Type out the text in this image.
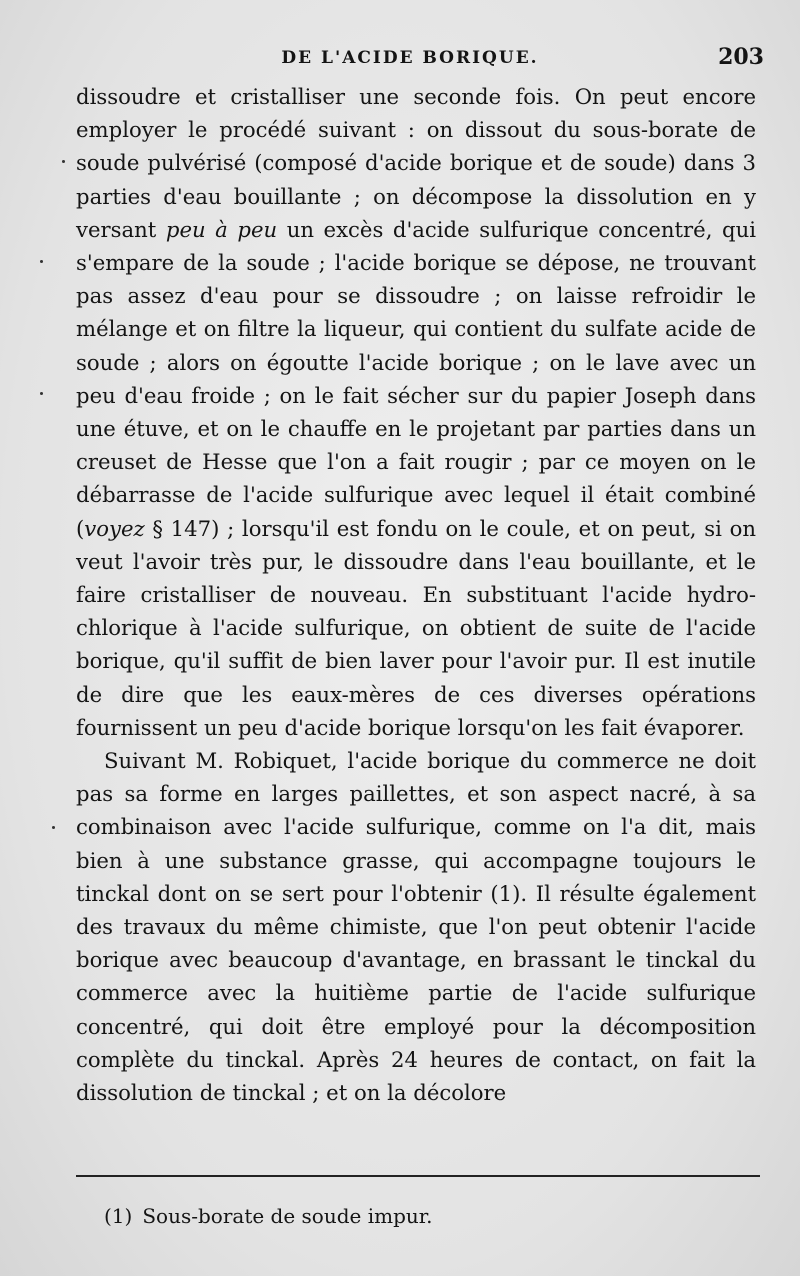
DE L'ACIDE BORIQUE.	203

dissoudre et cristalliser une seconde fois. On peut encore employer le procédé suivant : on dissout du sous-borate de soude pulvérisé (composé d'acide borique et de soude) dans 3 parties d'eau bouillante ; on décompose la dissolution en y versant peu à peu un excès d'acide sulfurique concentré, qui s'empare de la soude ; l'acide borique se dépose, ne trouvant pas assez d'eau pour se dissoudre ; on laisse refroidir le mélange et on filtre la liqueur, qui contient du sulfate acide de soude ; alors on égoutte l'acide borique ; on le lave avec un peu d'eau froide ; on le fait sécher sur du papier Joseph dans une étuve, et on le chauffe en le projetant par parties dans un creuset de Hesse que l'on a fait rougir ; par ce moyen on le débarrasse de l'acide sulfurique avec lequel il était combiné (voyez § 147) ; lorsqu'il est fondu on le coule, et on peut, si on veut l'avoir très pur, le dissoudre dans l'eau bouillante, et le faire cristalliser de nouveau. En substituant l'acide hydro-chlorique à l'acide sulfurique, on obtient de suite de l'acide borique, qu'il suffit de bien laver pour l'avoir pur. Il est inutile de dire que les eaux-mères de ces diverses opérations fournissent un peu d'acide borique lorsqu'on les fait évaporer.

Suivant M. Robiquet, l'acide borique du commerce ne doit pas sa forme en larges paillettes, et son aspect nacré, à sa combinaison avec l'acide sulfurique, comme on l'a dit, mais bien à une substance grasse, qui accompagne toujours le tinckal dont on se sert pour l'obtenir (1). Il résulte également des travaux du même chimiste, que l'on peut obtenir l'acide borique avec beaucoup d'avantage, en brassant le tinckal du commerce avec la huitième partie de l'acide sulfurique concentré, qui doit être employé pour la décomposition complète du tinckal. Après 24 heures de contact, on fait la dissolution de tinckal ; et on la décolore

(1) Sous-borate de soude impur.
